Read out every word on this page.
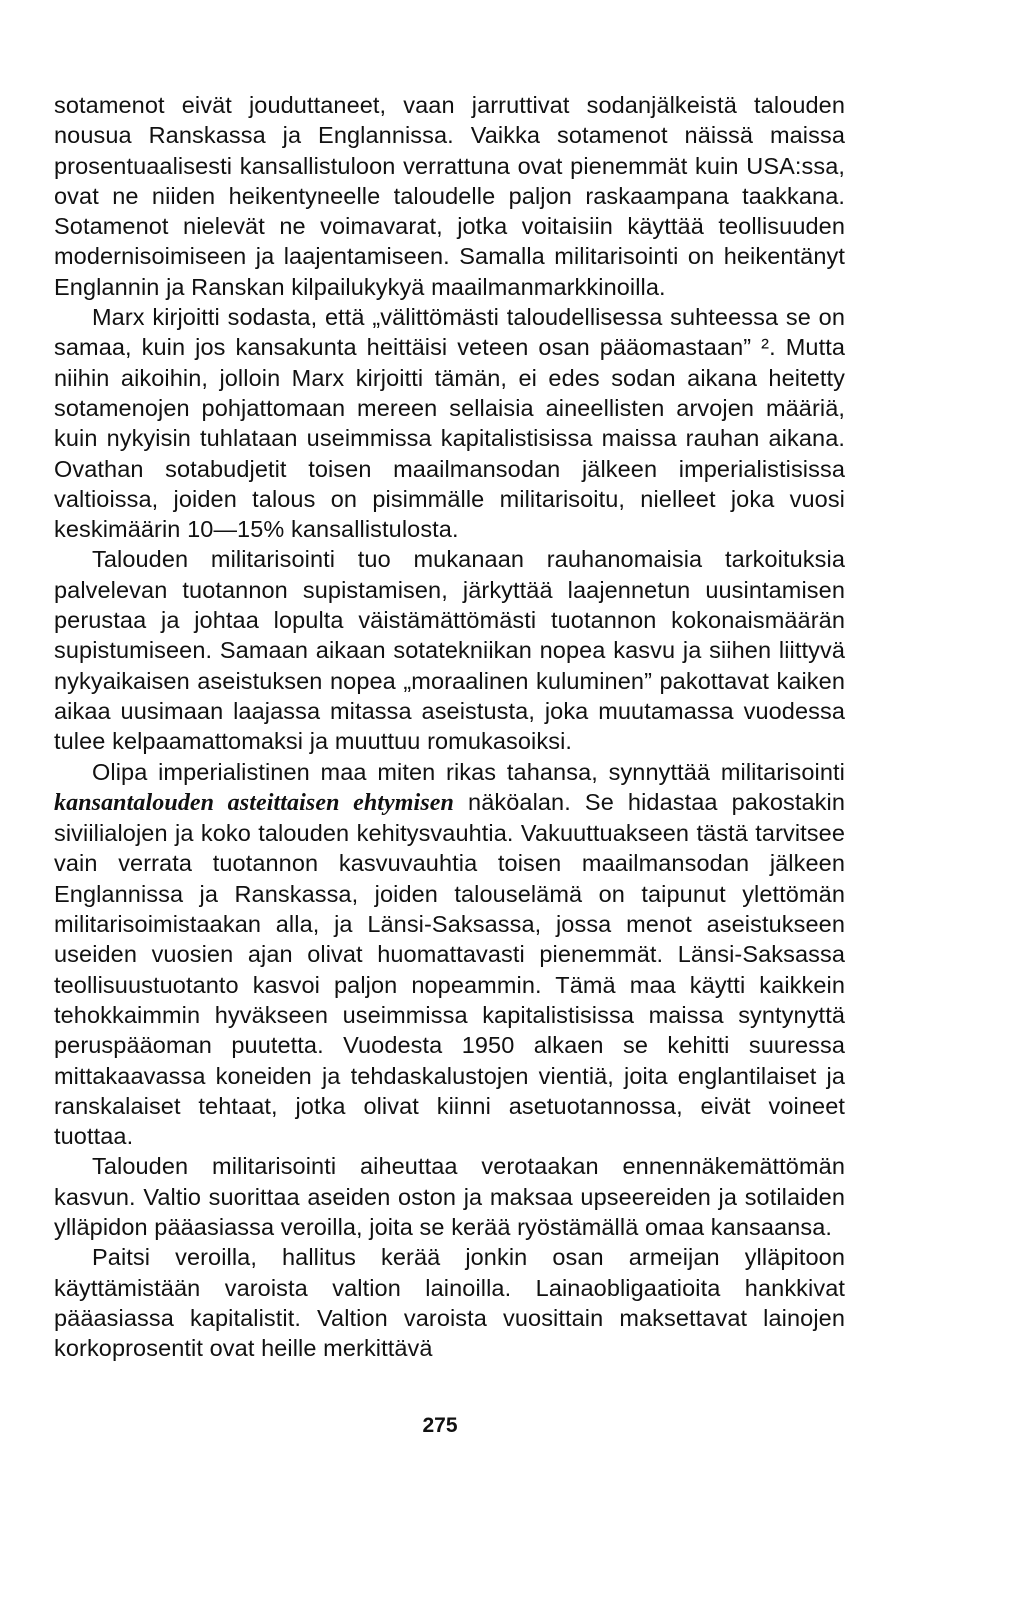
sotamenot eivät jouduttaneet, vaan jarruttivat sodanjälkeistä talouden nousua Ranskassa ja Englannissa. Vaikka sotamenot näissä maissa prosentuaalisesti kansallistuloon verrattuna ovat pienemmät kuin USA:ssa, ovat ne niiden heikentyneelle taloudelle paljon raskaampana taakkana. Sotamenot nielevät ne voimavarat, jotka voitaisiin käyttää teollisuuden modernisoimiseen ja laajentamiseen. Samalla militarisointi on heikentänyt Englannin ja Ranskan kilpailukykyä maailmanmarkkinoilla.

Marx kirjoitti sodasta, että „välittömästi taloudellisessa suhteessa se on samaa, kuin jos kansakunta heittäisi veteen osan pääomastaan” ². Mutta niihin aikoihin, jolloin Marx kirjoitti tämän, ei edes sodan aikana heitetty sotamenojen pohjattomaan mereen sellaisia aineellisten arvojen määriä, kuin nykyisin tuhlataan useimmissa kapitalistisissa maissa rauhan aikana. Ovathan sotabudjetit toisen maailmansodan jälkeen imperialistisissa valtioissa, joiden talous on pisimmälle militarisoitu, nielleet joka vuosi keskimäärin 10—15% kansallistulosta.

Talouden militarisointi tuo mukanaan rauhanomaisia tarkoituksia palvelevan tuotannon supistamisen, järkyttää laajennetun uusintamisen perustaa ja johtaa lopulta väistämättömästi tuotannon kokonaismäärän supistumiseen. Samaan aikaan sotatekniikan nopea kasvu ja siihen liittyvä nykyaikaisen aseistuksen nopea „moraalinen kuluminen” pakottavat kaiken aikaa uusimaan laajassa mitassa aseistusta, joka muutamassa vuodessa tulee kelpaamattomaksi ja muuttuu romukasoiksi.

Olipa imperialistinen maa miten rikas tahansa, synnyttää militarisointi kansantalouden asteittaisen ehtymisen näköalan. Se hidastaa pakostakin siviilialojen ja koko talouden kehitysvauhtia. Vakuuttuakseen tästä tarvitsee vain verrata tuotannon kasvuvauhtia toisen maailmansodan jälkeen Englannissa ja Ranskassa, joiden talouselämä on taipunut ylettömän militarisoimistaakan alla, ja Länsi-Saksassa, jossa menot aseistukseen useiden vuosien ajan olivat huomattavasti pienemmät. Länsi-Saksassa teollisuustuotanto kasvoi paljon nopeammin. Tämä maa käytti kaikkein tehokkaimmin hyväkseen useimmissa kapitalistisissa maissa syntynyttä peruspääoman puutetta. Vuodesta 1950 alkaen se kehitti suuressa mittakaavassa koneiden ja tehdaskalustojen vientiä, joita englantilaiset ja ranskalaiset tehtaat, jotka olivat kiinni asetuotannossa, eivät voineet tuottaa.

Talouden militarisointi aiheuttaa verotaakan ennennäkemättömän kasvun. Valtio suorittaa aseiden oston ja maksaa upseereiden ja sotilaiden ylläpidon pääasiassa veroilla, joita se kerää ryöstämällä omaa kansaansa.

Paitsi veroilla, hallitus kerää jonkin osan armeijan ylläpitoon käyttämistään varoista valtion lainoilla. Lainaobligaatioita hankkivat pääasiassa kapitalistit. Valtion varoista vuosittain maksettavat lainojen korkoprosentit ovat heille merkittävä

275
